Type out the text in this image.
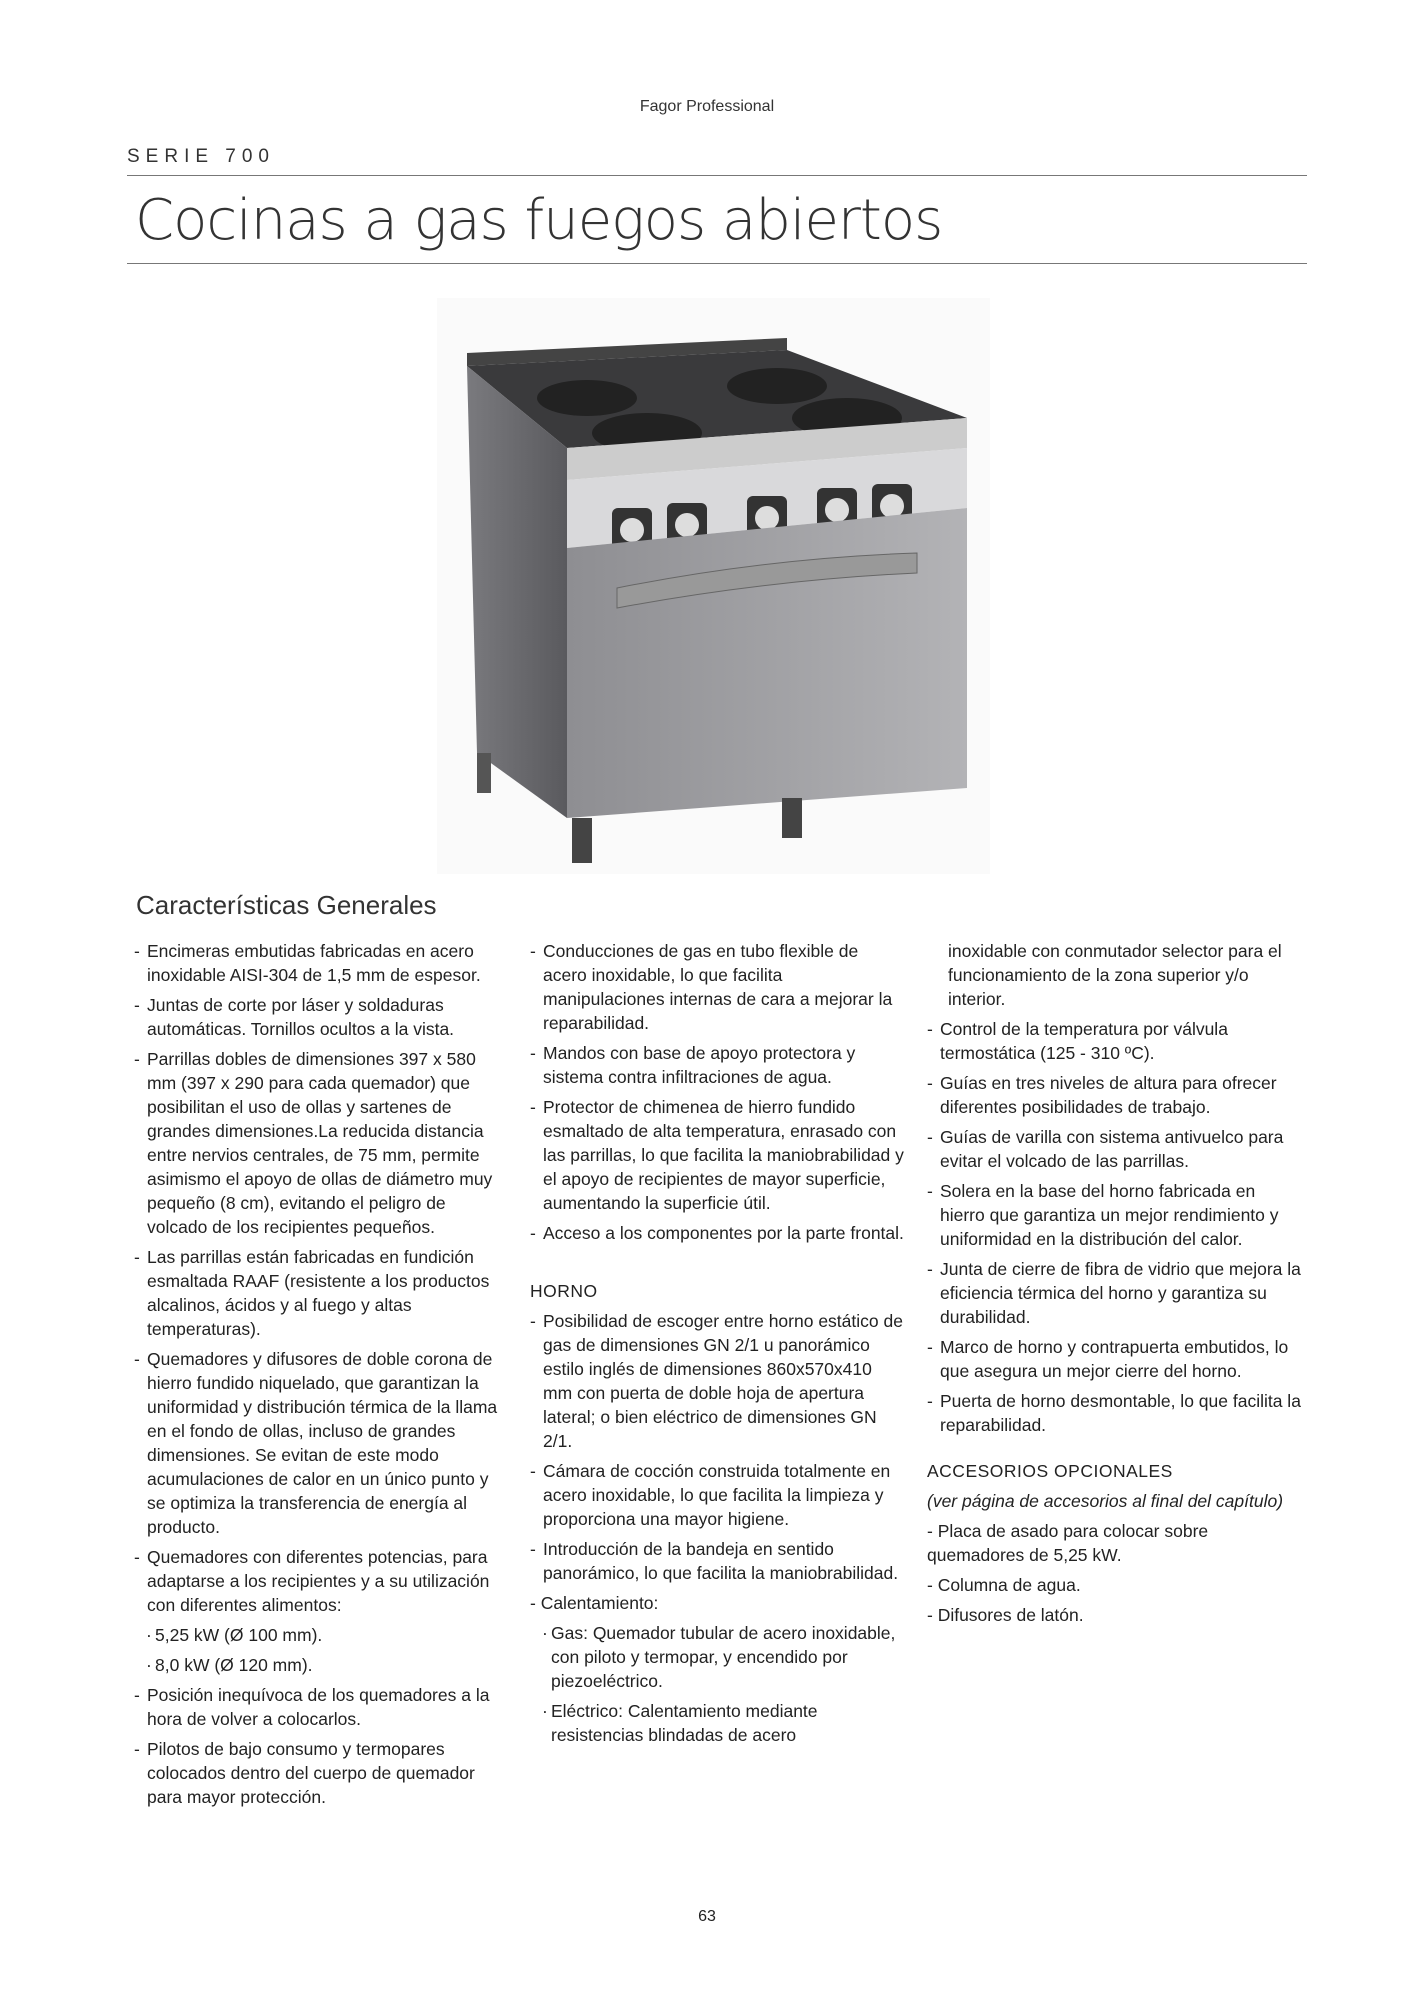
Fagor Professional
SERIE 700
Cocinas a gas fuegos abiertos
Características Generales
- Encimeras embutidas fabricadas en acero inoxidable AISI-304 de 1,5 mm de espesor.
- Juntas de corte por láser y soldaduras automáticas. Tornillos ocultos a la vista.
- Parrillas dobles de dimensiones 397 x 580 mm (397 x 290 para cada quemador) que posibilitan el uso de ollas y sartenes de grandes dimensiones.La reducida distancia entre nervios centrales, de 75 mm, permite asimismo el apoyo de ollas de diámetro muy pequeño (8 cm), evitando el peligro de volcado de los recipientes pequeños.
- Las parrillas están fabricadas en fundición esmaltada RAAF (resistente a los productos alcalinos, ácidos y al fuego y altas temperaturas).
- Quemadores y difusores de doble corona de hierro fundido niquelado, que garantizan la uniformidad y distribución térmica de la llama en el fondo de ollas, incluso de grandes dimensiones. Se evitan de este modo acumulaciones de calor en un único punto y se optimiza la transferencia de energía al producto.
- Quemadores con diferentes potencias, para adaptarse a los recipientes y a su utilización con diferentes alimentos:
· 5,25 kW (Ø 100 mm).
· 8,0 kW (Ø 120 mm).
- Posición inequívoca de los quemadores a la hora de volver a colocarlos.
- Pilotos de bajo consumo y termopares colocados dentro del cuerpo de quemador para mayor protección.
- Conducciones de gas en tubo flexible de acero inoxidable, lo que facilita manipulaciones internas de cara a mejorar la reparabilidad.
- Mandos con base de apoyo protectora y sistema contra infiltraciones de agua.
- Protector de chimenea de hierro fundido esmaltado de alta temperatura, enrasado con las parrillas, lo que facilita la maniobrabilidad y el apoyo de recipientes de mayor superficie, aumentando la superficie útil.
- Acceso a los componentes por la parte frontal.
HORNO
- Posibilidad de escoger entre horno estático de gas de dimensiones GN 2/1 u panorámico estilo inglés de dimensiones 860x570x410 mm con puerta de doble hoja de apertura lateral; o bien eléctrico de dimensiones GN 2/1.
- Cámara de cocción construida totalmente en acero inoxidable, lo que facilita la limpieza y proporciona una mayor higiene.
- Introducción de la bandeja en sentido panorámico, lo que facilita la maniobrabilidad.
- Calentamiento:
· Gas: Quemador tubular de acero inoxidable, con piloto y termopar, y encendido por piezoeléctrico.
· Eléctrico: Calentamiento mediante resistencias blindadas de acero
inoxidable con conmutador selector para el funcionamiento de la zona superior y/o interior.
- Control de la temperatura por válvula termostática (125 - 310 ºC).
- Guías en tres niveles de altura para ofrecer diferentes posibilidades de trabajo.
- Guías de varilla con sistema antivuelco para evitar el volcado de las parrillas.
- Solera en la base del horno fabricada en hierro que garantiza un mejor rendimiento y uniformidad en la distribución del calor.
- Junta de cierre de fibra de vidrio que mejora la eficiencia térmica del horno y garantiza su durabilidad.
- Marco de horno y contrapuerta embutidos, lo que asegura un mejor cierre del horno.
- Puerta de horno desmontable, lo que facilita la reparabilidad.
ACCESORIOS OPCIONALES
(ver página de accesorios al final del capítulo)
- Placa de asado para colocar sobre quemadores de 5,25 kW.
- Columna de agua.
- Difusores de latón.
63
